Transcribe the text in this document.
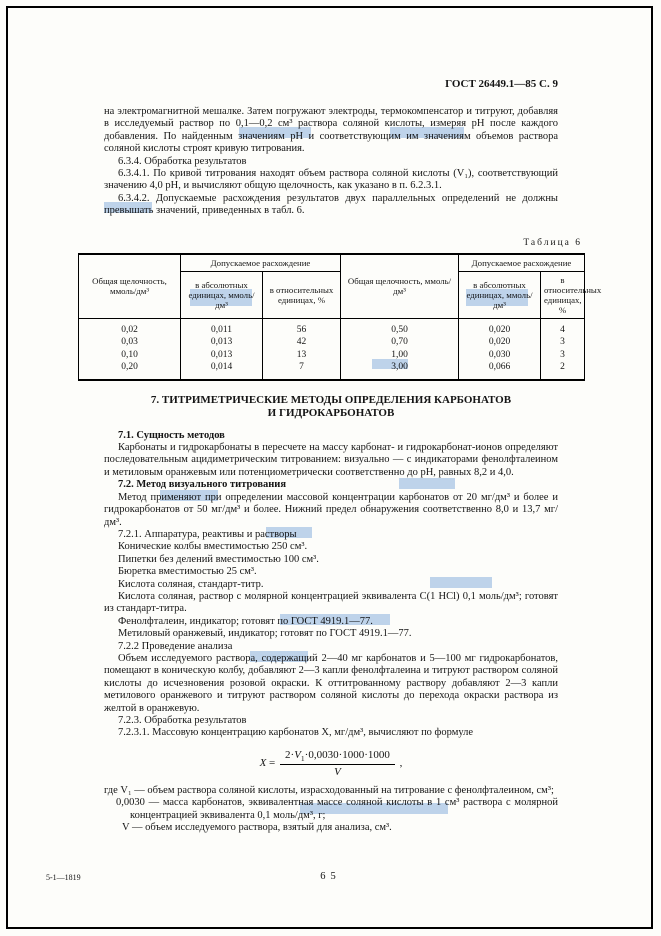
ГОСТ 26449.1—85 С. 9

на электромагнитной мешалке. Затем погружают электроды, термокомпенсатор и титруют, добавляя в исследуемый раствор по 0,1—0,2 см³ раствора соляной кислоты, измеряя рН после каждого добавления. По найденным значениям рН и соответствующим им значениям объемов раствора соляной кислоты строят кривую титрования.

6.3.4. Обработка результатов

6.3.4.1. По кривой титрования находят объем раствора соляной кислоты (V₁), соответствующий значению 4,0 рН, и вычисляют общую щелочность, как указано в п. 6.2.3.1.

6.3.4.2. Допускаемые расхождения результатов двух параллельных определений не должны превышать значений, приведенных в табл. 6.

Таблица 6
Общая щелочность, ммоль/дм³	Допускаемое расхождение		Общая щелочность, ммоль/дм³	Допускаемое расхождение	
	в абсолютных единицах, ммоль/дм³	в относительных единицах, %		в абсолютных единицах, ммоль/дм³	в относительных единицах, %
0,02	0,011	56	0,50	0,020	4
0,03	0,013	42	0,70	0,020	3
0,10	0,013	13	1,00	0,030	3
0,20	0,014	7	3,00	0,066	2
7. ТИТРИМЕТРИЧЕСКИЕ МЕТОДЫ ОПРЕДЕЛЕНИЯ КАРБОНАТОВ
И ГИДРОКАРБОНАТОВ

7.1. Сущность методов

Карбонаты и гидрокарбонаты в пересчете на массу карбонат- и гидрокарбонат-ионов определяют последовательным ацидиметрическим титрованием: визуально — с индикаторами фенолфталеином и метиловым оранжевым или потенциометрически соответственно до рН, равных 8,2 и 4,0.

7.2. Метод визуального титрования

Метод применяют при определении массовой концентрации карбонатов от 20 мг/дм³ и более и гидрокарбонатов от 50 мг/дм³ и более. Нижний предел обнаружения соответственно 8,0 и 13,7 мг/дм³.

7.2.1. Аппаратура, реактивы и растворы

Конические колбы вместимостью 250 см³.

Пипетки без делений вместимостью 100 см³.

Бюретка вместимостью 25 см³.

Кислота соляная, стандарт-титр.

Кислота соляная, раствор с молярной концентрацией эквивалента С(1 НСl) 0,1 моль/дм³; готовят из стандарт-титра.

Фенолфталеин, индикатор; готовят по ГОСТ 4919.1—77.

Метиловый оранжевый, индикатор; готовят по ГОСТ 4919.1—77.

7.2.2 Проведение анализа

Объем исследуемого раствора, содержащий 2—40 мг карбонатов и 5—100 мг гидрокарбонатов, помещают в коническую колбу, добавляют 2—3 капли фенолфталеина и титруют раствором соляной кислоты до исчезновения розовой окраски. К оттитрованному раствору добавляют 2—3 капли метилового оранжевого и титруют раствором соляной кислоты до перехода окраски раствора из желтой в оранжевую.

7.2.3. Обработка результатов

7.2.3.1. Массовую концентрацию карбонатов X, мг/дм³, вычисляют по формуле

$X = \frac{2\cdot V_1\cdot 0,0030\cdot 1000\cdot 1000}{V}$ ,

где V₁ — объем раствора соляной кислоты, израсходованный на титрование с фенолфталеином, см³;

0,0030 — масса карбонатов, эквивалентная массе соляной кислоты в 1 см³ раствора с молярной концентрацией эквивалента 0,1 моль/дм³, г;

V — объем исследуемого раствора, взятый для анализа, см³.

5-1—1819	65
